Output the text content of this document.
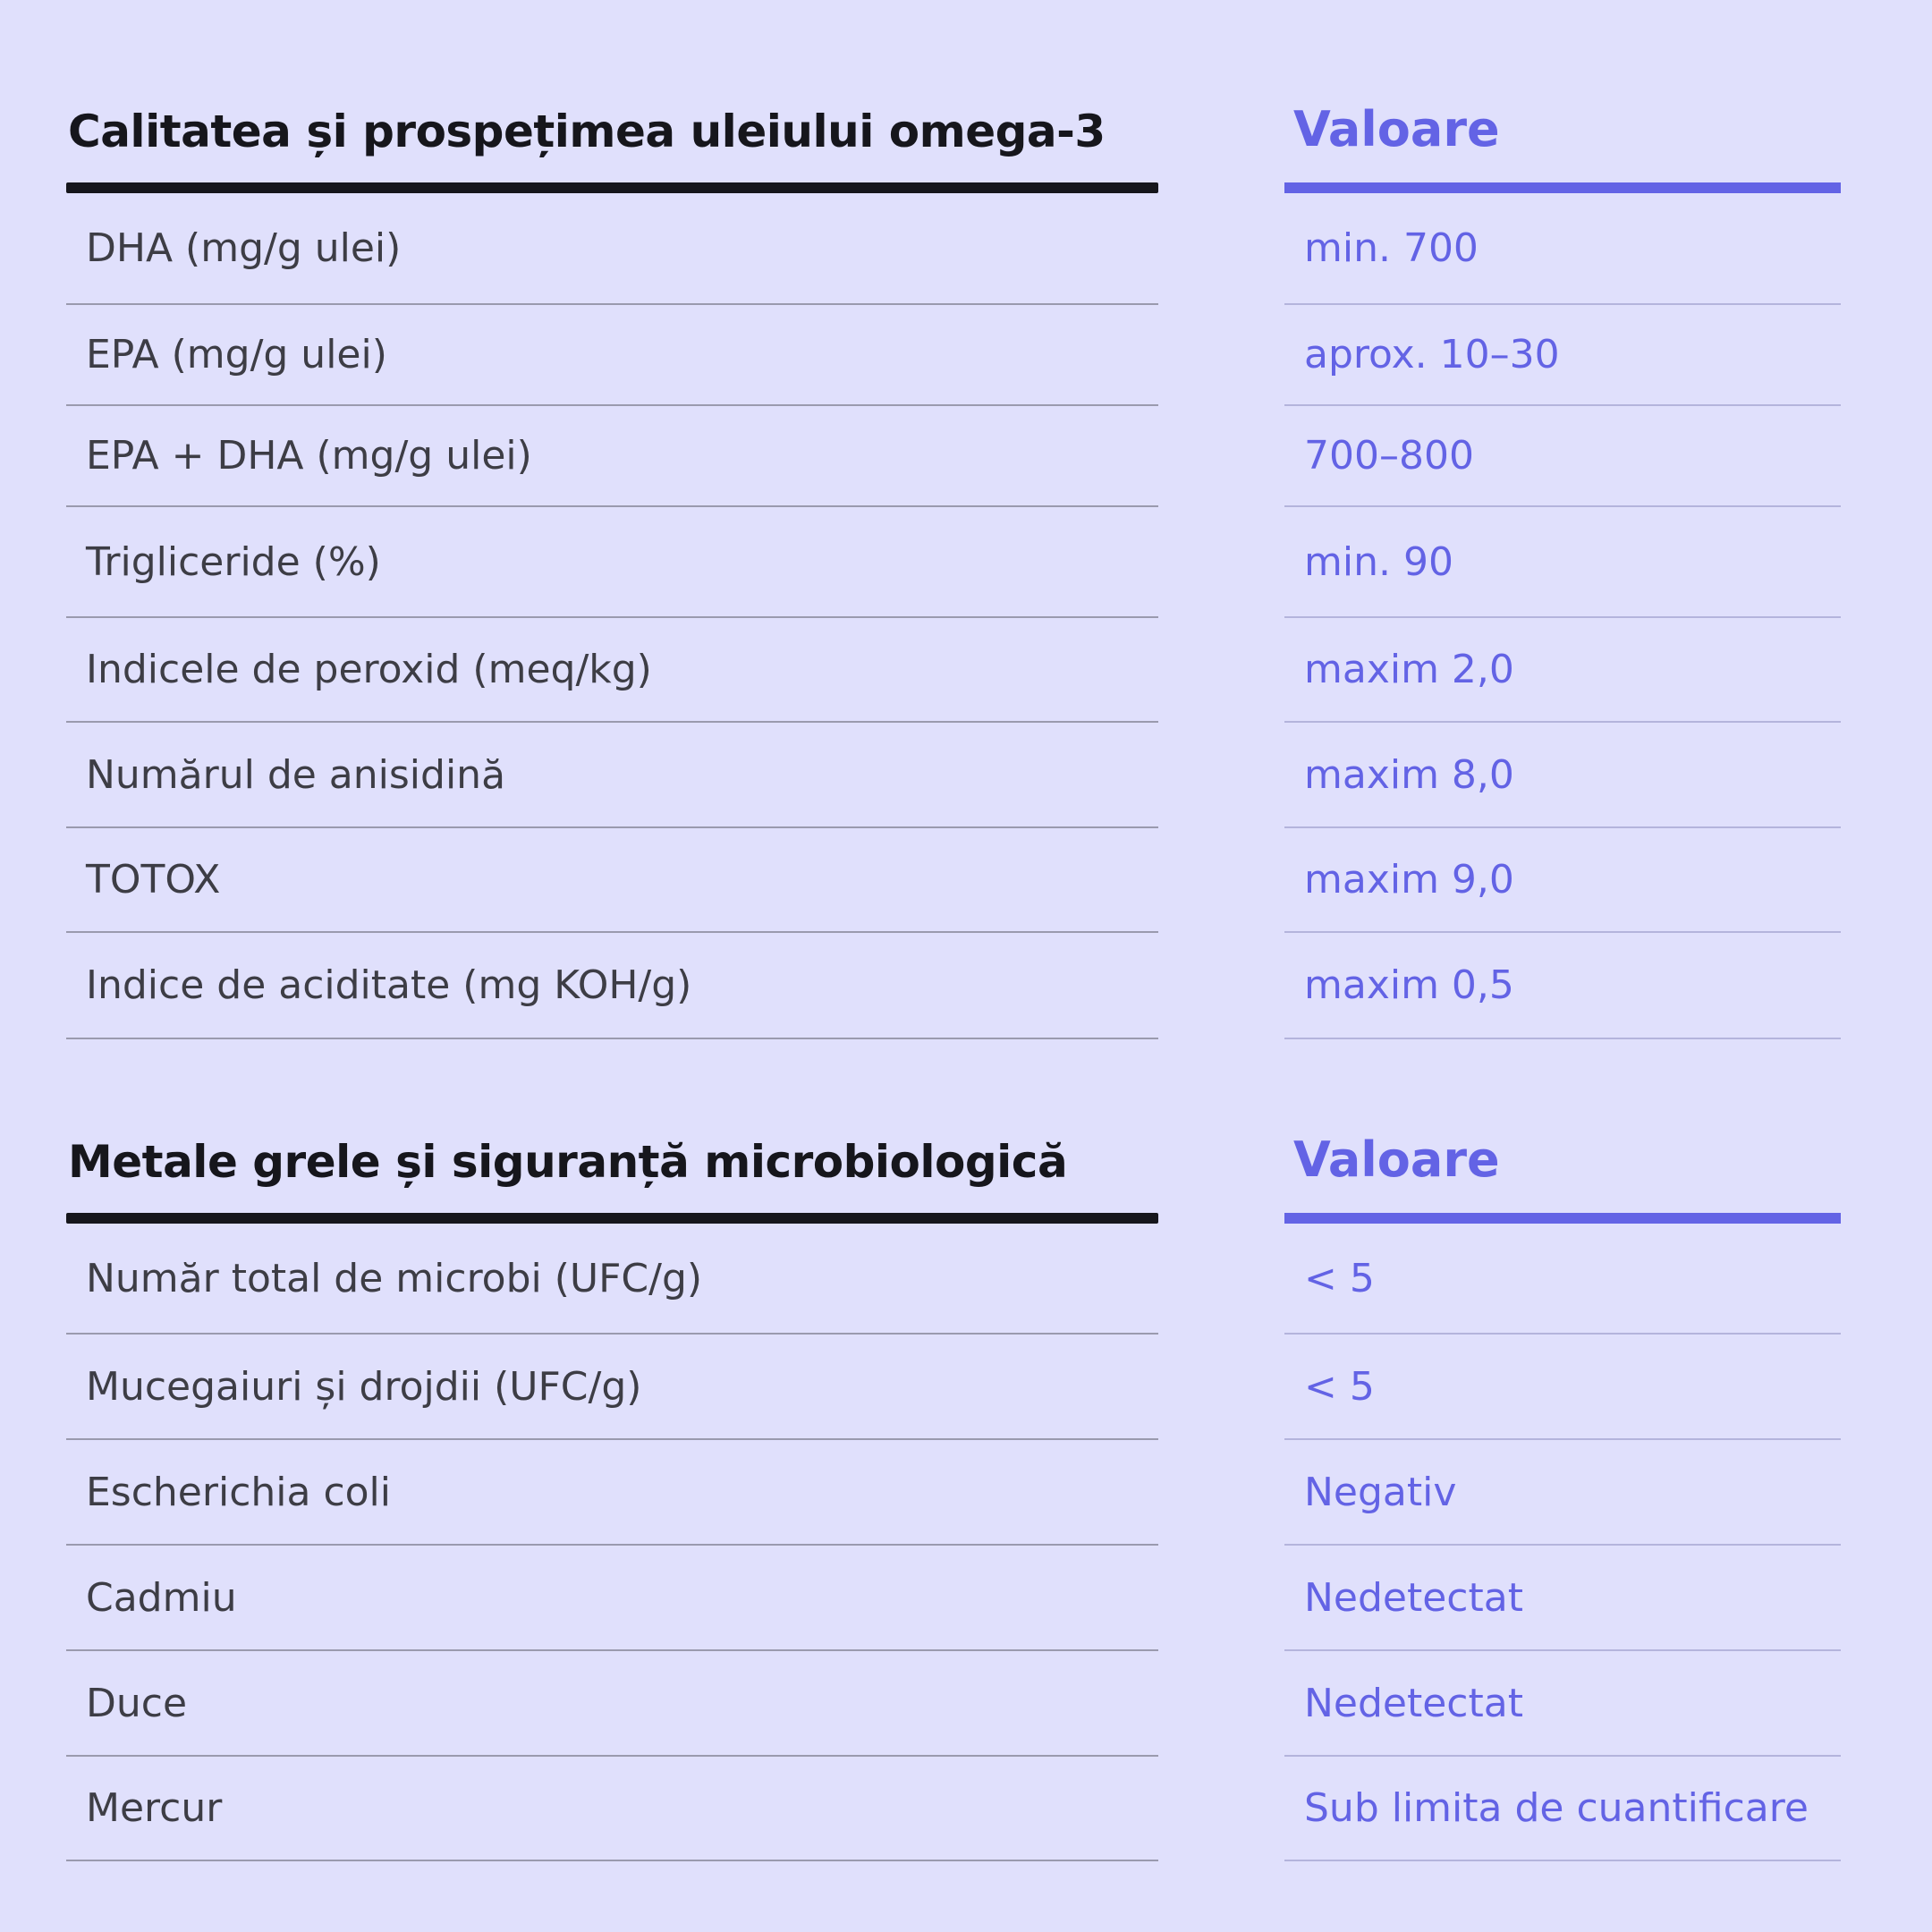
Calitatea și prospețimea uleiului omega-3
DHA (mg/g ulei)
EPA (mg/g ulei)
EPA + DHA (mg/g ulei)
Trigliceride (%)
Indicele de peroxid (meq/kg)
Numărul de anisidină
TOTOX
Indice de aciditate (mg KOH/g)
Valoare
min. 700
aprox. 10–30
700–800
min. 90
maxim 2,0
maxim 8,0
maxim 9,0
maxim 0,5
Metale grele și siguranță microbiologică
Număr total de microbi (UFC/g)
Mucegaiuri și drojdii (UFC/g)
Escherichia coli
Cadmiu
Duce
Mercur
Valoare
< 5
< 5
Negativ
Nedetectat
Nedetectat
Sub limita de cuantificare
